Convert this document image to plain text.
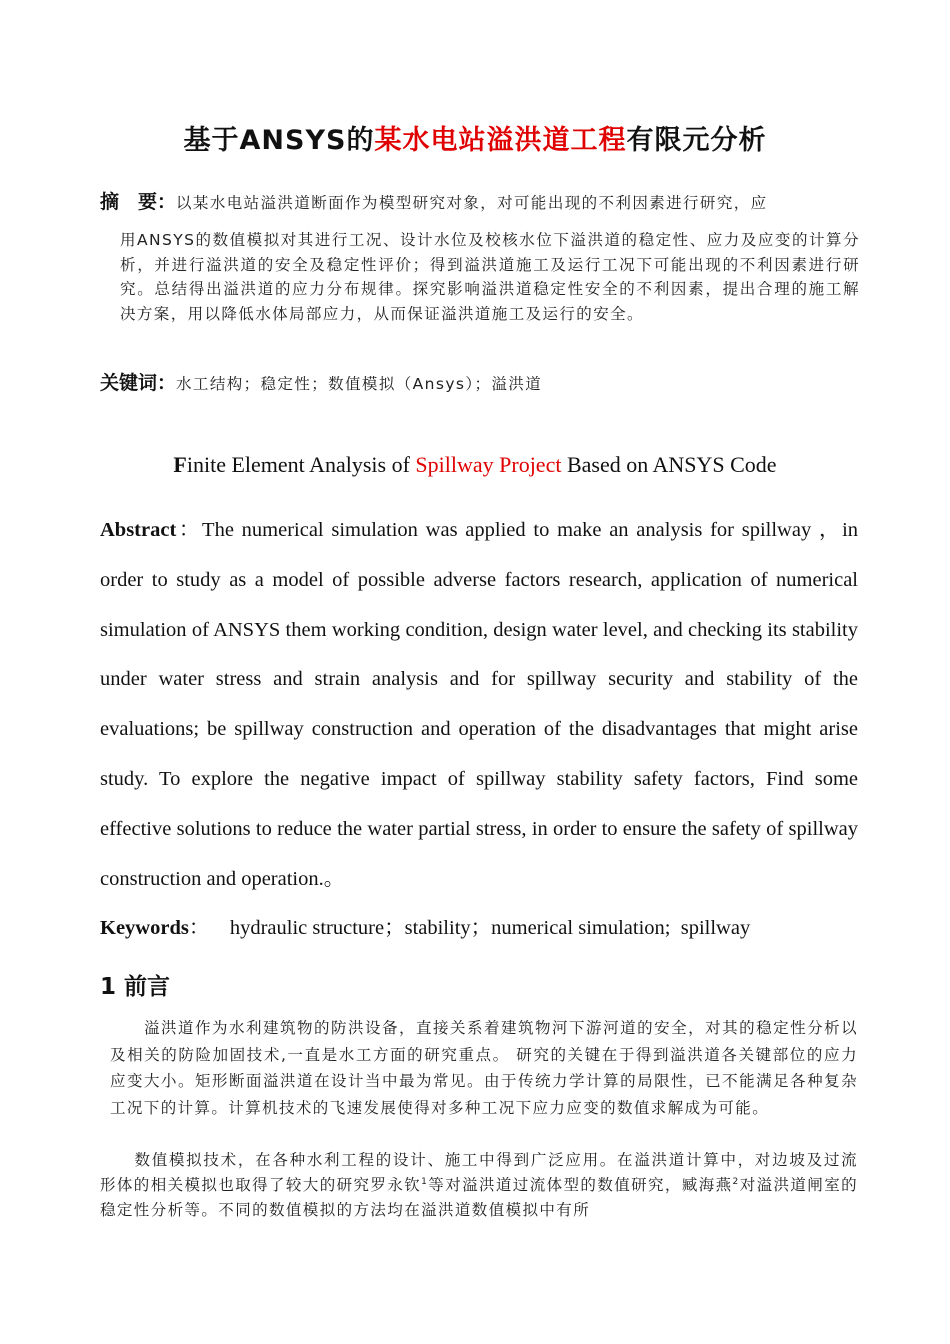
基于ANSYS的某水电站溢洪道工程有限元分析
摘　要：以某水电站溢洪道断面作为模型研究对象，对可能出现的不利因素进行研究，应
用ANSYS的数值模拟对其进行工况、设计水位及校核水位下溢洪道的稳定性、应力及应变的计算分析，并进行溢洪道的安全及稳定性评价；得到溢洪道施工及运行工况下可能出现的不利因素进行研究。总结得出溢洪道的应力分布规律。探究影响溢洪道稳定性安全的不利因素，提出合理的施工解决方案，用以降低水体局部应力，从而保证溢洪道施工及运行的安全。
关键词：水工结构；稳定性；数值模拟（Ansys）；溢洪道
Finite Element Analysis of Spillway Project Based on ANSYS Code
Abstract：The numerical simulation was applied to make an analysis for spillway ，in order to study as a model of possible adverse factors research, application of numerical simulation of ANSYS them working condition, design water level, and checking its stability under water stress and strain analysis and for spillway security and stability of the evaluations; be spillway construction and operation of the disadvantages that might arise study. To explore the negative impact of spillway stability safety factors, Find some effective solutions to reduce the water partial stress, in order to ensure the safety of spillway construction and operation.。
Keywords：    hydraulic structure；stability；numerical simulation;  spillway
1 前言
　　溢洪道作为水利建筑物的防洪设备，直接关系着建筑物河下游河道的安全，对其的稳定性分析以及相关的防险加固技术,一直是水工方面的研究重点。 研究的关键在于得到溢洪道各关键部位的应力应变大小。矩形断面溢洪道在设计当中最为常见。由于传统力学计算的局限性，已不能满足各种复杂工况下的计算。计算机技术的飞速发展使得对多种工况下应力应变的数值求解成为可能。
　　数值模拟技术，在各种水利工程的设计、施工中得到广泛应用。在溢洪道计算中，对边坡及过流形体的相关模拟也取得了较大的研究罗永钦$^1$等对溢洪道过流体型的数值研究，臧海燕$^2$对溢洪道闸室的稳定性分析等。不同的数值模拟的方法均在溢洪道数值模拟中有所
